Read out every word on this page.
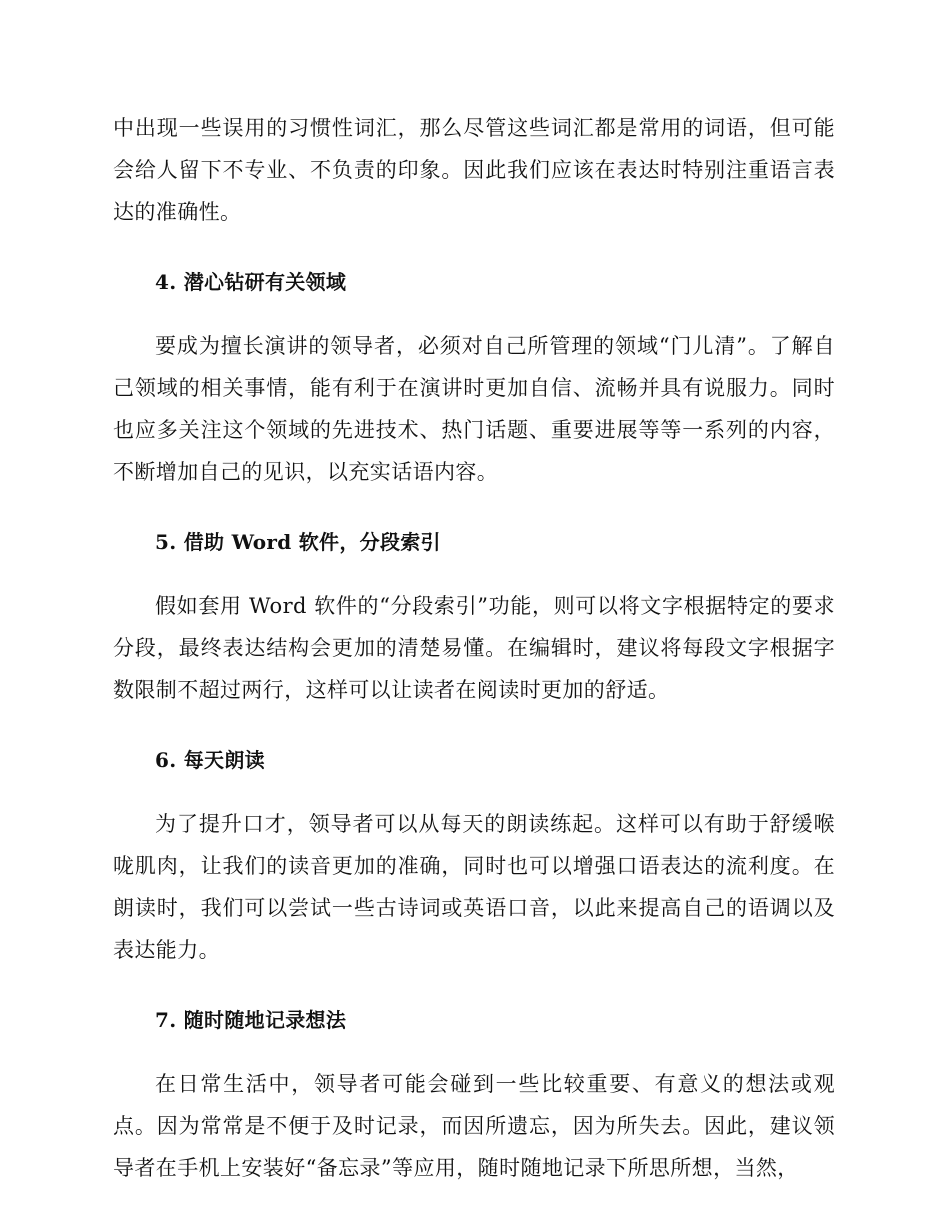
中出现一些误用的习惯性词汇，那么尽管这些词汇都是常用的词语，但可能会给人留下不专业、不负责的印象。因此我们应该在表达时特别注重语言表达的准确性。

4. 潜心钻研有关领域

要成为擅长演讲的领导者，必须对自己所管理的领域“门儿清”。了解自己领域的相关事情，能有利于在演讲时更加自信、流畅并具有说服力。同时也应多关注这个领域的先进技术、热门话题、重要进展等等一系列的内容，不断增加自己的见识，以充实话语内容。

5. 借助 Word 软件，分段索引

假如套用 Word 软件的“分段索引”功能，则可以将文字根据特定的要求分段，最终表达结构会更加的清楚易懂。在编辑时，建议将每段文字根据字数限制不超过两行，这样可以让读者在阅读时更加的舒适。

6. 每天朗读

为了提升口才，领导者可以从每天的朗读练起。这样可以有助于舒缓喉咙肌肉，让我们的读音更加的准确，同时也可以增强口语表达的流利度。在朗读时，我们可以尝试一些古诗词或英语口音，以此来提高自己的语调以及表达能力。

7. 随时随地记录想法

在日常生活中，领导者可能会碰到一些比较重要、有意义的想法或观点。因为常常是不便于及时记录，而因所遗忘，因为所失去。因此，建议领导者在手机上安装好“备忘录”等应用，随时随地记录下所思所想，当然，
